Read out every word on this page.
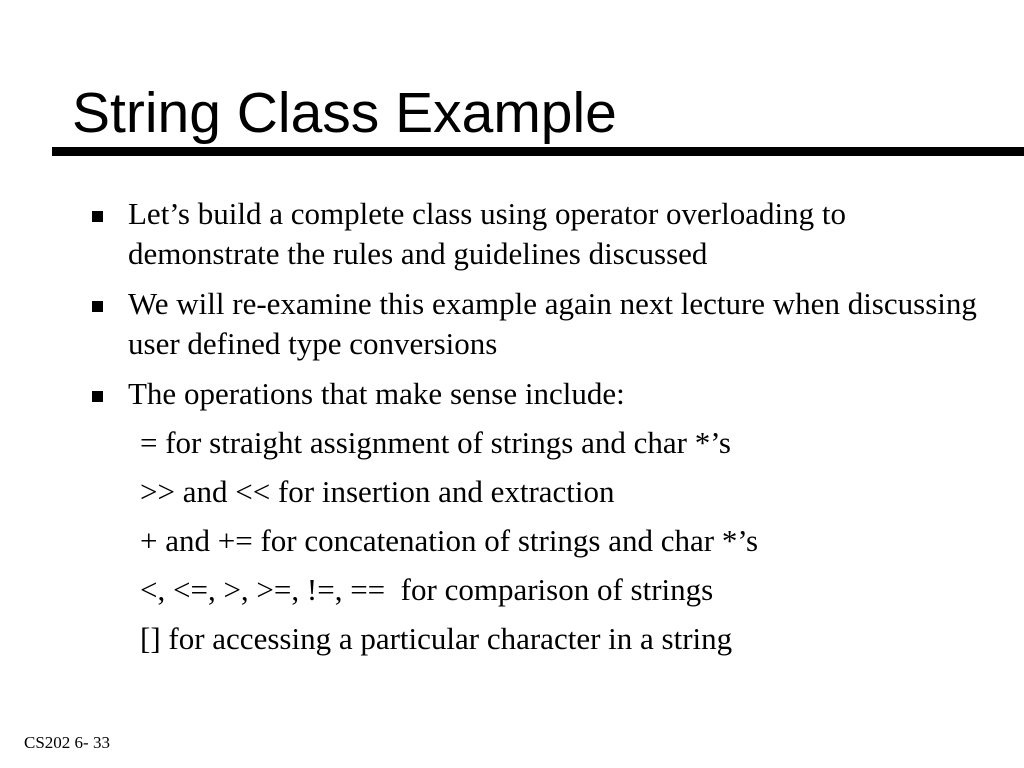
String Class Example
Let’s build a complete class using operator overloading to demonstrate the rules and guidelines discussed
We will re-examine this example again next lecture when discussing user defined type conversions
The operations that make sense include:
= for straight assignment of strings and char *’s
>> and << for insertion and extraction
+ and += for concatenation of strings and char *’s
<, <=, >, >=, !=, ==  for comparison of strings
[] for accessing a particular character in a string
CS202 6- 33
